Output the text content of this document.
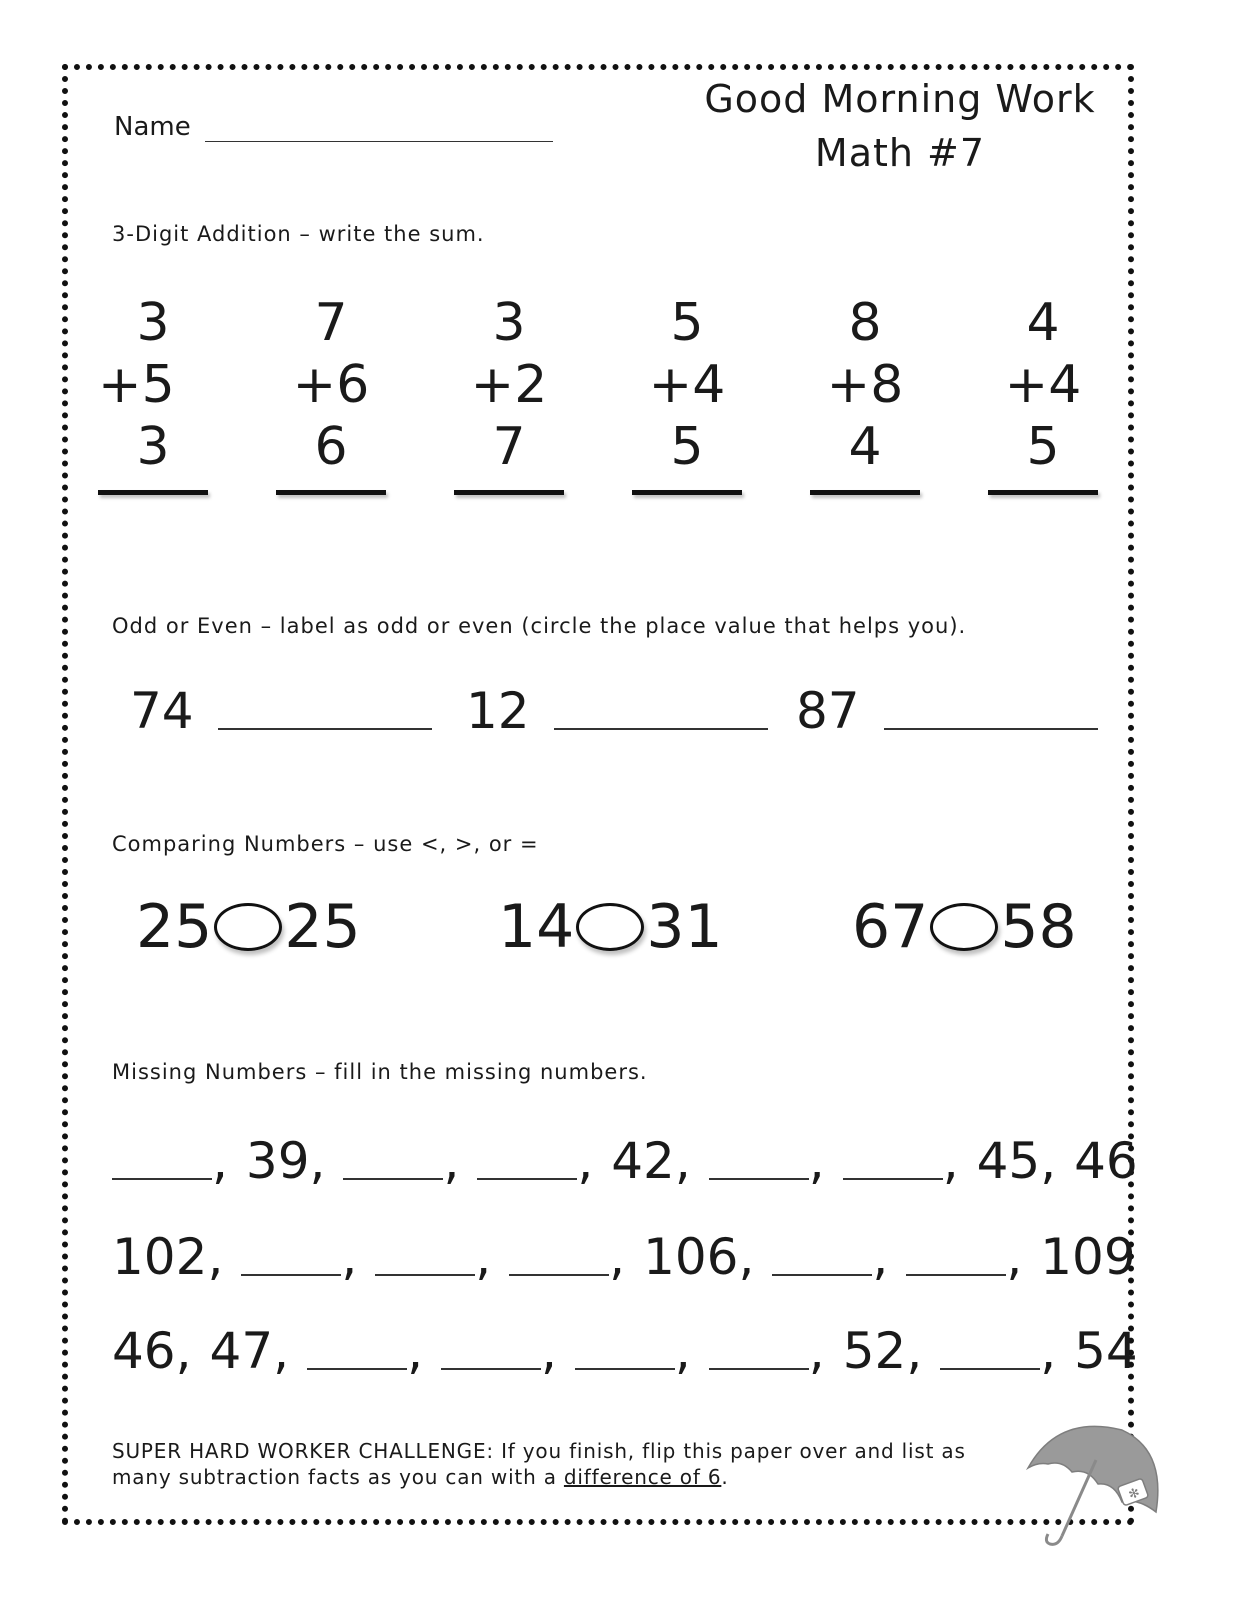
Name
Good Morning Work
Math #7
3-Digit Addition – write the sum.
3
+5
3
7
+6
6
3
+2
7
5
+4
5
8
+8
4
4
+4
5
Odd or Even – label as odd or even (circle the place value that helps you).
74	12	87
Comparing Numbers – use <, >, or =
25 25 14 31 67 58
Missing Numbers – fill in the missing numbers.
, 39 , , , 42 , , , 45 , 46
102 , , , , 106 , , , 109
46 , 47 , , , , , 52 , , 54
SUPER HARD WORKER CHALLENGE: If you finish, flip this paper over and list as many subtraction facts as you can with a difference of 6.
✻
